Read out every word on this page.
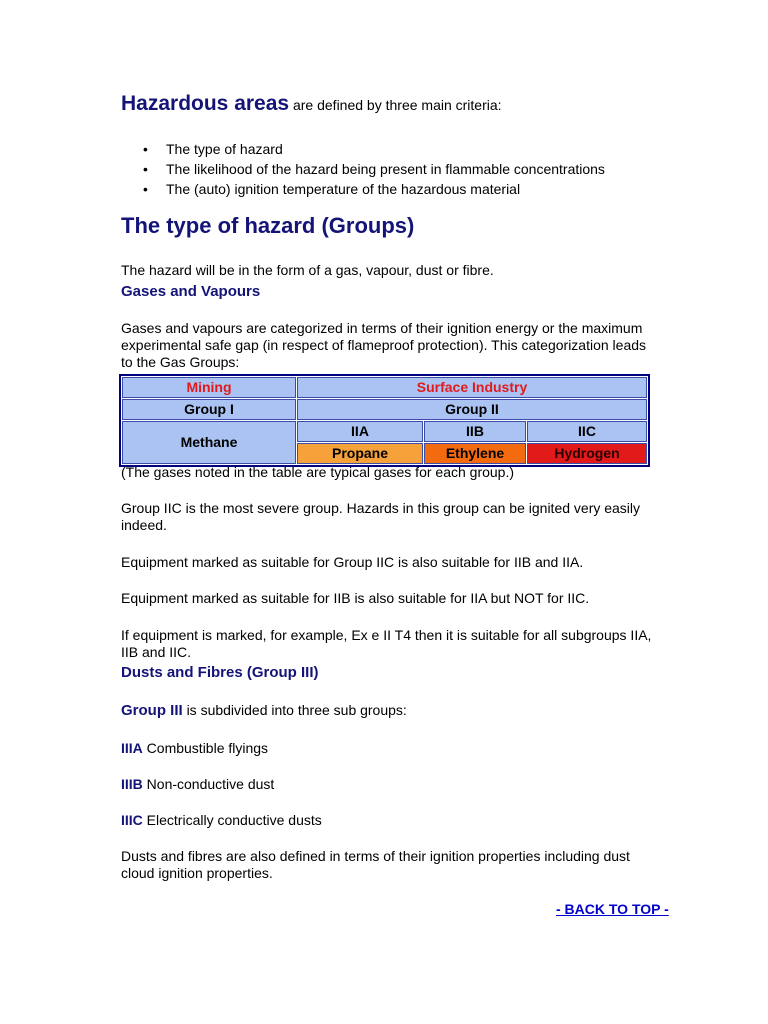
Hazardous areas are defined by three main criteria:
• The type of hazard
• The likelihood of the hazard being present in flammable concentrations
• The (auto) ignition temperature of the hazardous material
The type of hazard (Groups)
The hazard will be in the form of a gas, vapour, dust or fibre.
Gases and Vapours
Gases and vapours are categorized in terms of their ignition energy or the maximum experimental safe gap (in respect of flameproof protection). This categorization leads to the Gas Groups:
Mining	Surface Industry		
Group I	Group II		
Methane	IIA	IIB	IIC
	Propane	Ethylene	Hydrogen
(The gases noted in the table are typical gases for each group.)
Group IIC is the most severe group. Hazards in this group can be ignited very easily indeed.
Equipment marked as suitable for Group IIC is also suitable for IIB and IIA.
Equipment marked as suitable for IIB is also suitable for IIA but NOT for IIC.
If equipment is marked, for example, Ex e II T4 then it is suitable for all subgroups IIA, IIB and IIC.
Dusts and Fibres (Group III)
Group III is subdivided into three sub groups:
IIIA Combustible flyings
IIIB Non-conductive dust
IIIC Electrically conductive dusts
Dusts and fibres are also defined in terms of their ignition properties including dust cloud ignition properties.
- BACK TO TOP -
